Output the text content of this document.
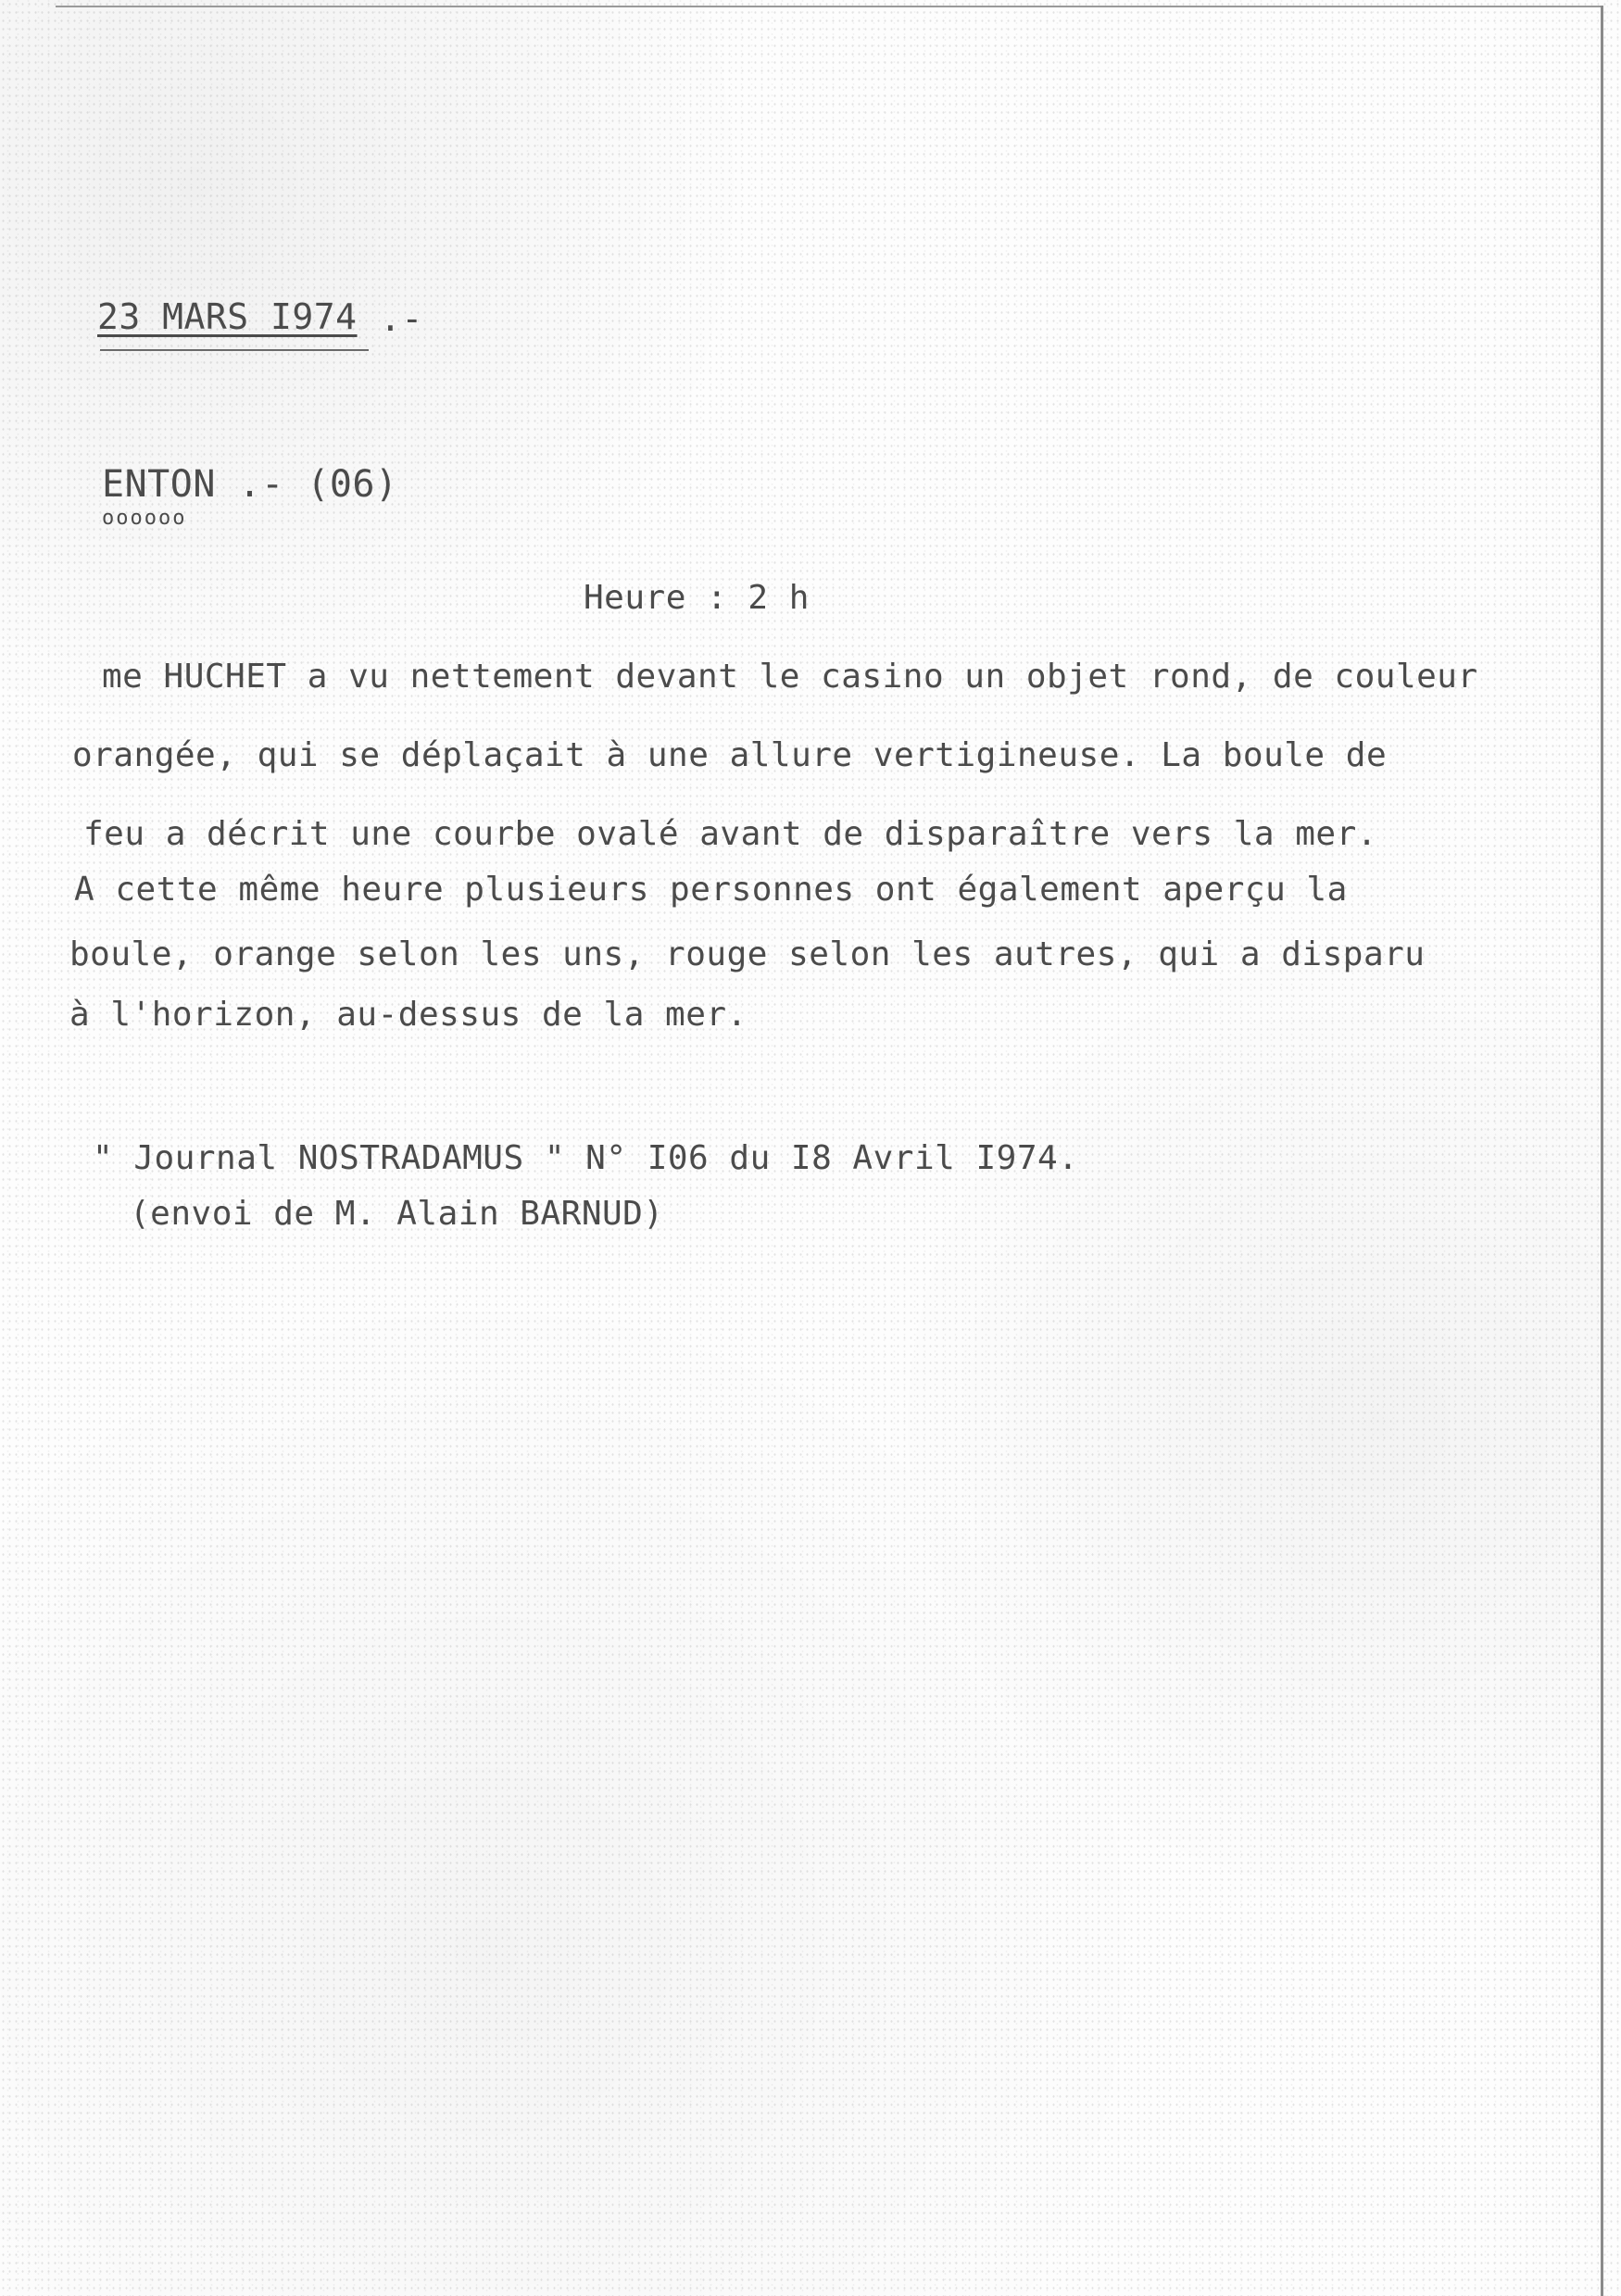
23 MARS I974 .-
ENTON .- (06)
oooooo
Heure : 2 h
me HUCHET a vu nettement devant le casino un objet rond, de couleur
orangée, qui se déplaçait à une allure vertigineuse. La boule de
feu a décrit une courbe ovalé avant de disparaître vers la mer.
A cette même heure plusieurs personnes ont également aperçu la
boule, orange selon les uns, rouge selon les autres, qui a disparu
à l'horizon, au-dessus de la mer.
" Journal NOSTRADAMUS " N° I06 du I8 Avril I974.
(envoi de M. Alain BARNUD)
